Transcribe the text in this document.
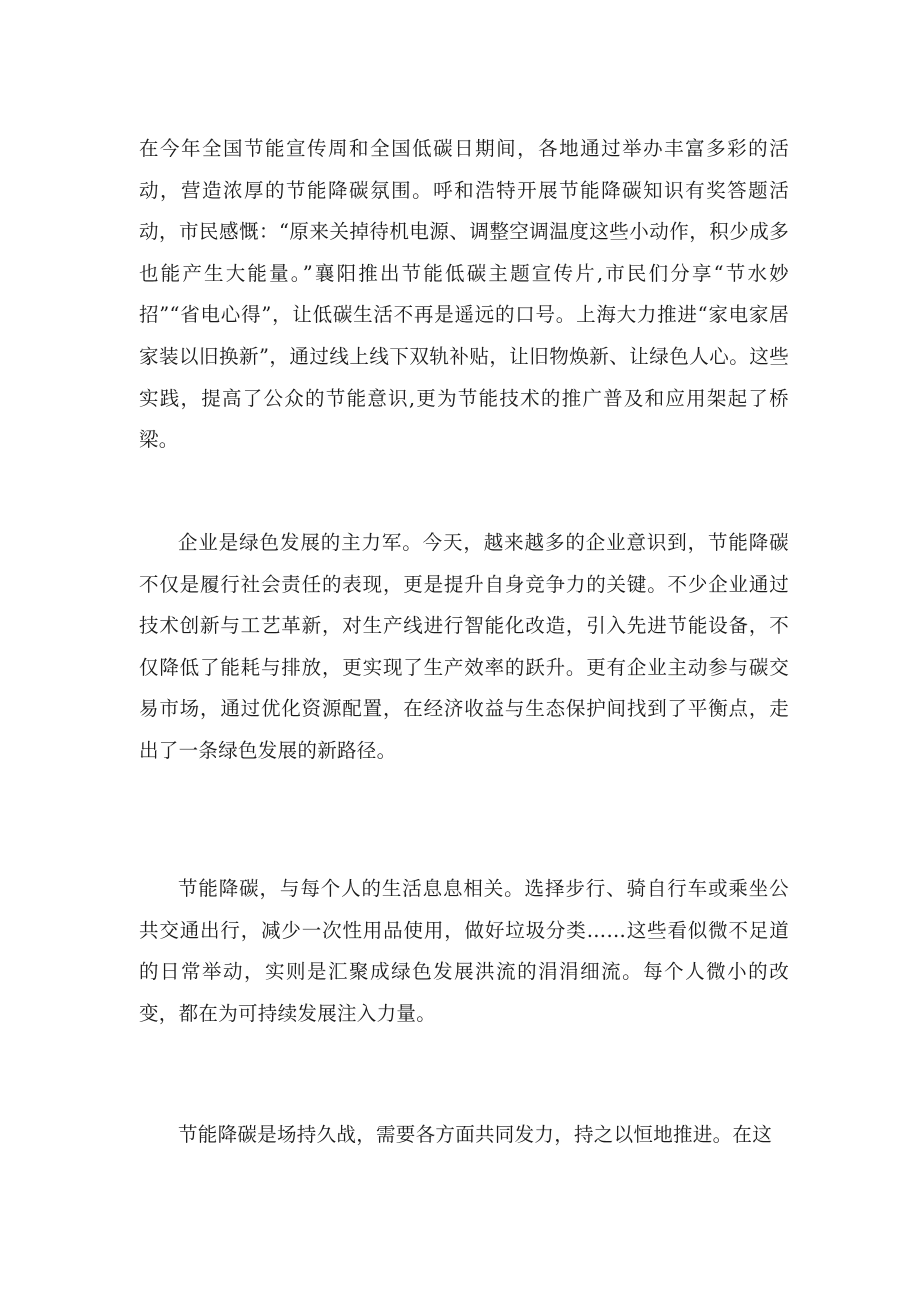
在今年全国节能宣传周和全国低碳日期间，各地通过举办丰富多彩的活动，营造浓厚的节能降碳氛围。呼和浩特开展节能降碳知识有奖答题活动，市民感慨：“原来关掉待机电源、调整空调温度这些小动作，积少成多也能产生大能量。”襄阳推出节能低碳主题宣传片,市民们分享“节水妙招”“省电心得”，让低碳生活不再是遥远的口号。上海大力推进“家电家居家装以旧换新”，通过线上线下双轨补贴，让旧物焕新、让绿色人心。这些实践，提高了公众的节能意识,更为节能技术的推广普及和应用架起了桥梁。

企业是绿色发展的主力军。今天，越来越多的企业意识到，节能降碳不仅是履行社会责任的表现，更是提升自身竞争力的关键。不少企业通过技术创新与工艺革新，对生产线进行智能化改造，引入先进节能设备，不仅降低了能耗与排放，更实现了生产效率的跃升。更有企业主动参与碳交易市场，通过优化资源配置，在经济收益与生态保护间找到了平衡点，走出了一条绿色发展的新路径。

节能降碳，与每个人的生活息息相关。选择步行、骑自行车或乘坐公共交通出行，减少一次性用品使用，做好垃圾分类……这些看似微不足道的日常举动，实则是汇聚成绿色发展洪流的涓涓细流。每个人微小的改变，都在为可持续发展注入力量。

节能降碳是场持久战，需要各方面共同发力，持之以恒地推进。在这
